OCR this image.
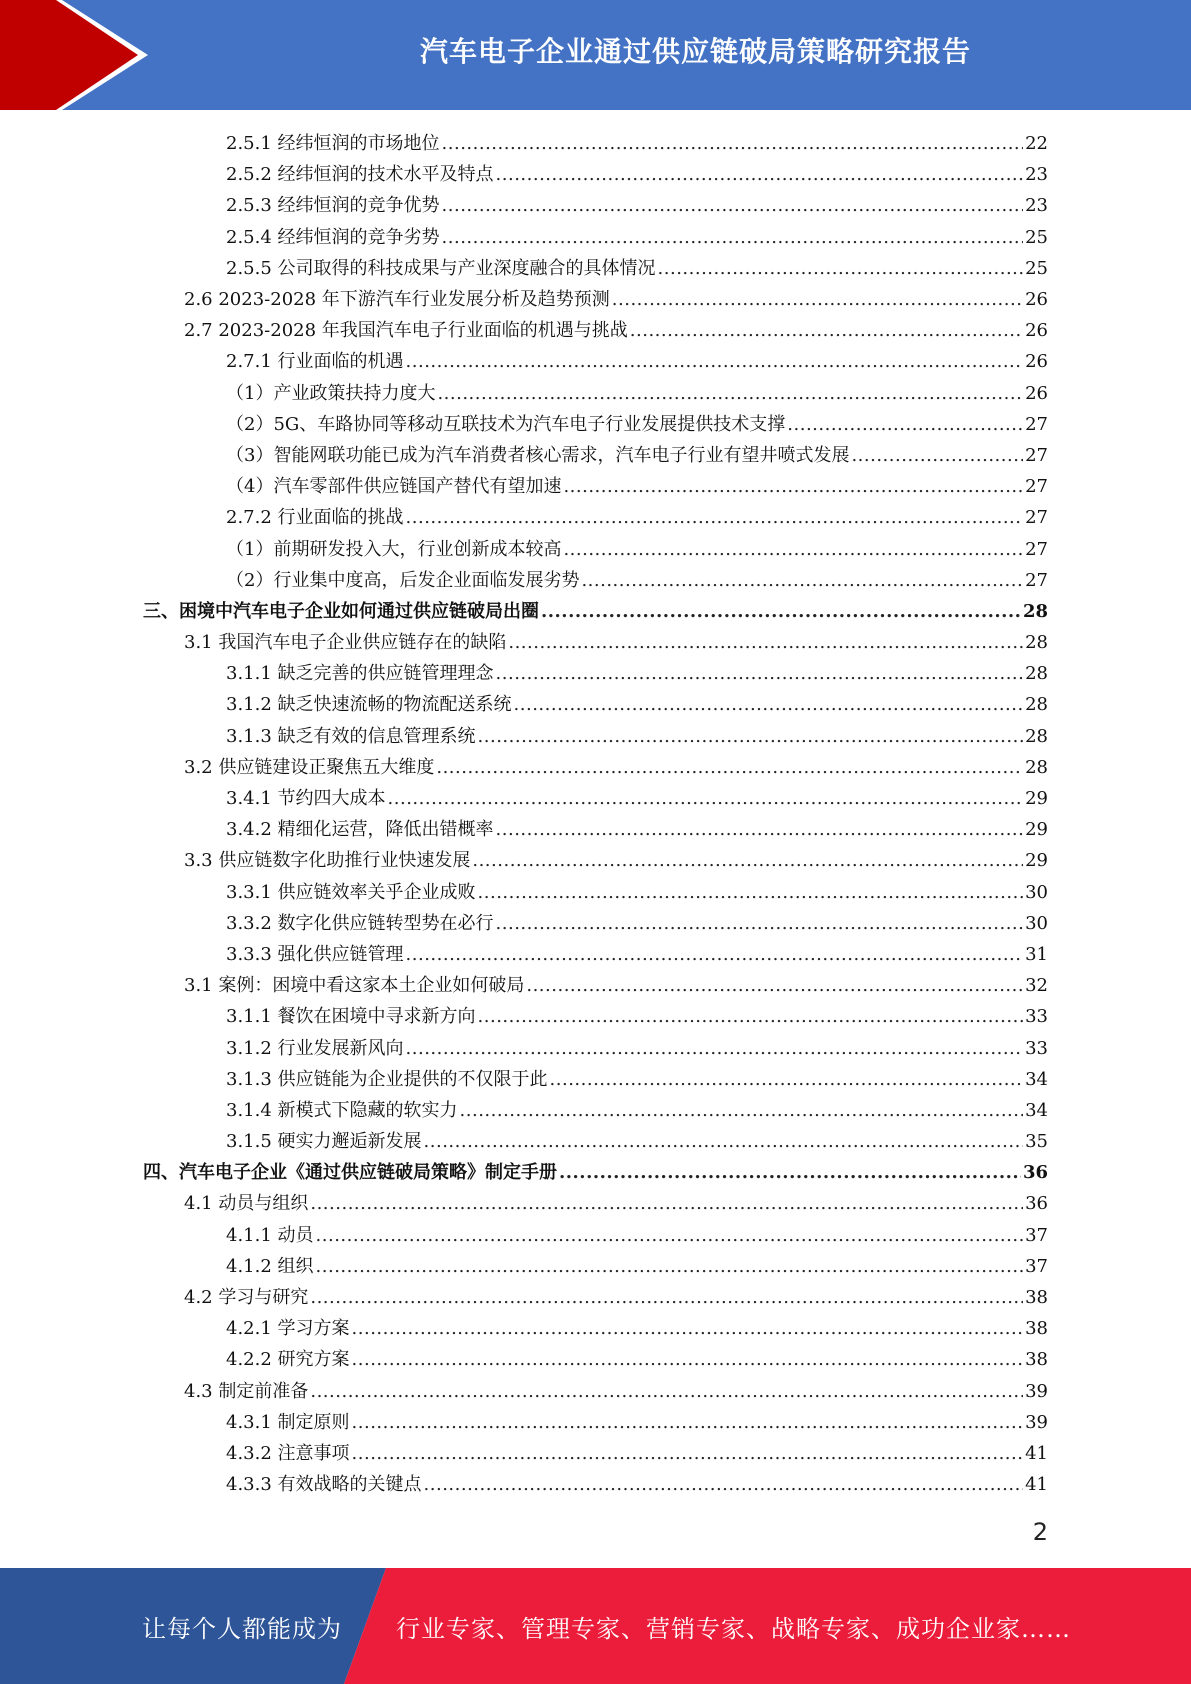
汽车电子企业通过供应链破局策略研究报告
2.5.1 经纬恒润的市场地位 .....	22
2.5.2 经纬恒润的技术水平及特点 .....	23
2.5.3 经纬恒润的竞争优势 .....	23
2.5.4 经纬恒润的竞争劣势 .....	25
2.5.5 公司取得的科技成果与产业深度融合的具体情况 .....	25
2.6 2023-2028 年下游汽车行业发展分析及趋势预测 .....	26
2.7 2023-2028 年我国汽车电子行业面临的机遇与挑战 .....	26
2.7.1 行业面临的机遇 .....	26
（1）产业政策扶持力度大 .....	26
（2）5G、车路协同等移动互联技术为汽车电子行业发展提供技术支撑 .....	27
（3）智能网联功能已成为汽车消费者核心需求，汽车电子行业有望井喷式发展 .....	27
（4）汽车零部件供应链国产替代有望加速 .....	27
2.7.2 行业面临的挑战 .....	27
（1）前期研发投入大，行业创新成本较高 .....	27
（2）行业集中度高，后发企业面临发展劣势 .....	27
三、困境中汽车电子企业如何通过供应链破局出圈 .....	28
3.1 我国汽车电子企业供应链存在的缺陷 .....	28
3.1.1 缺乏完善的供应链管理理念 .....	28
3.1.2 缺乏快速流畅的物流配送系统 .....	28
3.1.3 缺乏有效的信息管理系统 .....	28
3.2 供应链建设正聚焦五大维度 .....	28
3.4.1 节约四大成本 .....	29
3.4.2 精细化运营，降低出错概率 .....	29
3.3 供应链数字化助推行业快速发展 .....	29
3.3.1 供应链效率关乎企业成败 .....	30
3.3.2 数字化供应链转型势在必行 .....	30
3.3.3 强化供应链管理 .....	31
3.1 案例：困境中看这家本土企业如何破局 .....	32
3.1.1 餐饮在困境中寻求新方向 .....	33
3.1.2 行业发展新风向 .....	33
3.1.3 供应链能为企业提供的不仅限于此 .....	34
3.1.4 新模式下隐藏的软实力 .....	34
3.1.5 硬实力邂逅新发展 .....	35
四、汽车电子企业《通过供应链破局策略》制定手册 .....	36
4.1 动员与组织 .....	36
4.1.1 动员 .....	37
4.1.2 组织 .....	37
4.2 学习与研究 .....	38
4.2.1 学习方案 .....	38
4.2.2 研究方案 .....	38
4.3 制定前准备 .....	39
4.3.1 制定原则 .....	39
4.3.2 注意事项 .....	41
4.3.3 有效战略的关键点 .....	41
2
让每个人都能成为 行业专家、管理专家、营销专家、战略专家、成功企业家……
